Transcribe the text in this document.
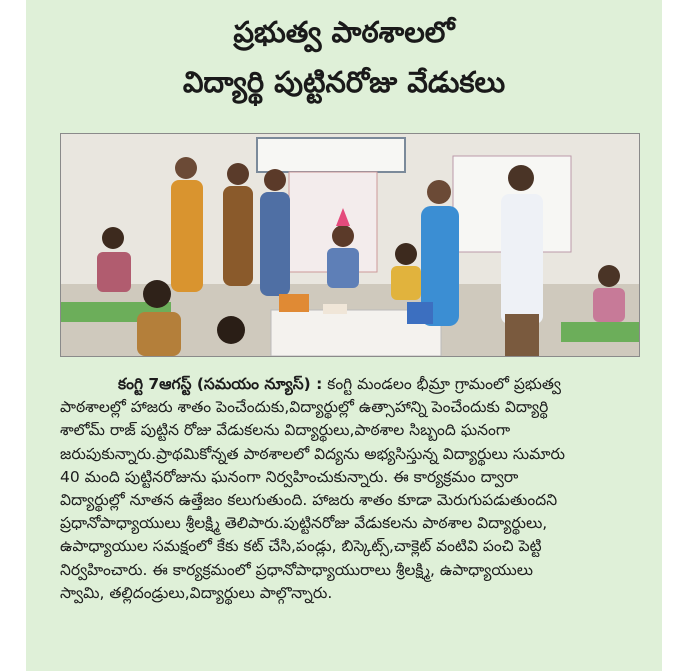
ప్రభుత్వ పాఠశాలలో
విద్యార్థి పుట్టినరోజు వేడుకలు
కంగ్టి 7ఆగస్ట్ (సమయం న్యూస్) : కంగ్టి మండలం భీమ్రా గ్రామంలో ప్రభుత్వ
పాఠశాలల్లో హాజరు శాతం పెంచేందుకు,విద్యార్థుల్లో ఉత్సాహాన్ని పెంచేందుకు విద్యార్థి
శాలోమ్ రాజ్ పుట్టిన రోజు వేడుకలను విద్యార్థులు,పాఠశాల సిబ్బంది ఘనంగా
జరుపుకున్నారు.ప్రాథమికోన్నత పాఠశాలలో విద్యను అభ్యసిస్తున్న విద్యార్థులు సుమారు
40 మంది పుట్టినరోజును ఘనంగా నిర్వహించుకున్నారు. ఈ కార్యక్రమం ద్వారా
విద్యార్థుల్లో నూతన ఉత్తేజం కలుగుతుంది. హాజరు శాతం కూడా మెరుగుపడుతుందని
ప్రధానోపాధ్యాయులు శ్రీలక్ష్మి తెలిపారు.పుట్టినరోజు వేడుకలను పాఠశాల విద్యార్థులు,
ఉపాధ్యాయుల సమక్షంలో కేకు కట్ చేసి,పండ్లు, బిస్కెట్స్,చాక్లెట్ వంటివి పంచి పెట్టి
నిర్వహించారు. ఈ కార్యక్రమంలో ప్రధానోపాధ్యాయురాలు శ్రీలక్ష్మి, ఉపాధ్యాయులు
స్వామి, తల్లిదండ్రులు,విద్యార్థులు పాల్గొన్నారు.
